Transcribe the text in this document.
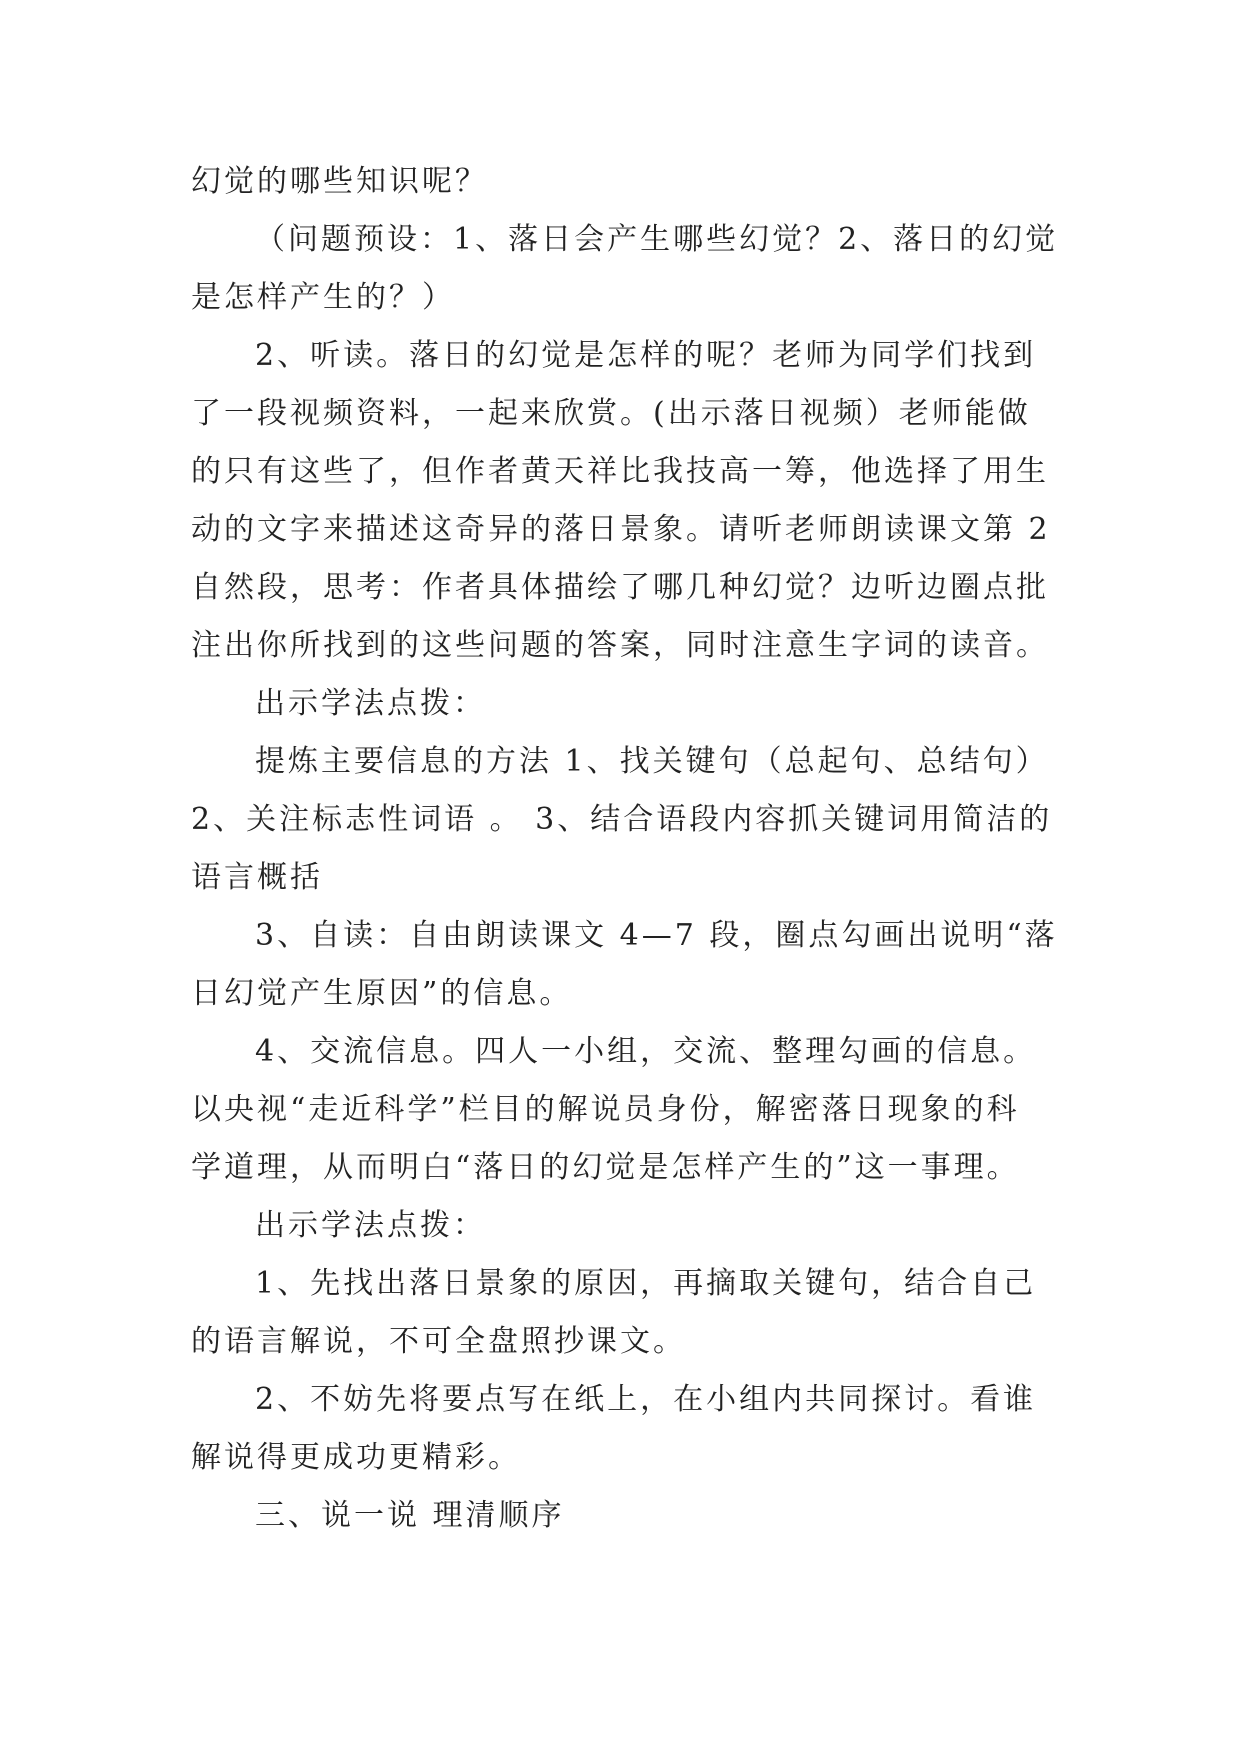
幻觉的哪些知识呢？
（问题预设：1、落日会产生哪些幻觉？2、落日的幻觉
是怎样产生的？）
2、听读。落日的幻觉是怎样的呢？老师为同学们找到
了一段视频资料，一起来欣赏。(出示落日视频）老师能做
的只有这些了，但作者黄天祥比我技高一筹，他选择了用生
动的文字来描述这奇异的落日景象。请听老师朗读课文第 2
自然段，思考：作者具体描绘了哪几种幻觉？边听边圈点批
注出你所找到的这些问题的答案，同时注意生字词的读音。
出示学法点拨：
提炼主要信息的方法 1、找关键句（总起句、总结句）
2、关注标志性词语 。 3、结合语段内容抓关键词用简洁的
语言概括
3、自读：自由朗读课文 4—7 段，圈点勾画出说明“落
日幻觉产生原因”的信息。
4、交流信息。四人一小组，交流、整理勾画的信息。
以央视“走近科学”栏目的解说员身份，解密落日现象的科
学道理，从而明白“落日的幻觉是怎样产生的”这一事理。
出示学法点拨：
1、先找出落日景象的原因，再摘取关键句，结合自己
的语言解说，不可全盘照抄课文。
2、不妨先将要点写在纸上，在小组内共同探讨。看谁
解说得更成功更精彩。
三、说一说 理清顺序
